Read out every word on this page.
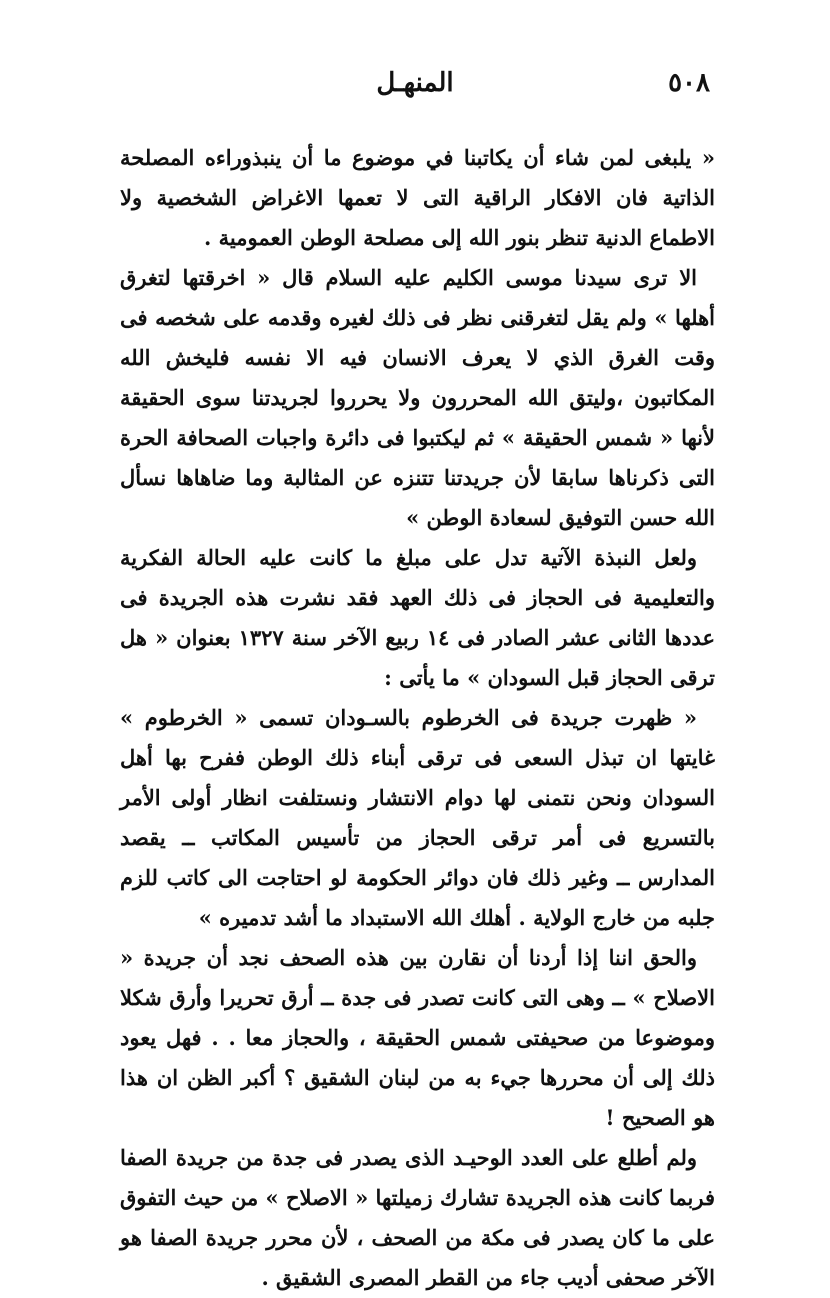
٥٠٨
المنهـل

« يلبغى لمن شاء أن يكاتبنا في موضوع ما أن ينبذوراءه المصلحة الذاتية فان الافكار الراقية التى لا تعمها الاغراض الشخصية ولا الاطماع الدنية تنظر بنور الله إلى مصلحة الوطن العمومية .

الا ترى سيدنا موسى الكليم عليه السلام قال « اخرقتها لتغرق أهلها » ولم يقل لتغرقنى نظر فى ذلك لغيره وقدمه على شخصه فى وقت الغرق الذي لا يعرف الانسان فيه الا نفسه فليخش الله المكاتبون ،وليتق الله المحررون ولا يحرروا لجريدتنا سوى الحقيقة لأنها « شمس الحقيقة » ثم ليكتبوا فى دائرة واجبات الصحافة الحرة التى ذكرناها سابقا لأن جريدتنا تتنزه عن المثالبة وما ضاهاها نسأل الله حسن التوفيق لسعادة الوطن »

ولعل النبذة الآتية تدل على مبلغ ما كانت عليه الحالة الفكرية والتعليمية فى الحجاز فى ذلك العهد فقد نشرت هذه الجريدة فى عددها الثانى عشر الصادر فى ١٤ ربيع الآخر سنة ١٣٢٧ بعنوان « هل ترقى الحجاز قبل السودان » ما يأتى :

« ظهرت جريدة فى الخرطوم بالسـودان تسمى « الخرطوم » غايتها ان تبذل السعى فى ترقى أبناء ذلك الوطن ففرح بها أهل السودان ونحن نتمنى لها دوام الانتشار ونستلفت انظار أولى الأمر بالتسريع فى أمر ترقى الحجاز من تأسيس المكاتب ــ يقصد المدارس ــ وغير ذلك فان دوائر الحكومة لو احتاجت الى كاتب للزم جلبه من خارج الولاية . أهلك الله الاستبداد ما أشد تدميره »

والحق اننا إذا أردنا أن نقارن بين هذه الصحف نجد أن جريدة « الاصلاح » ــ وهى التى كانت تصدر فى جدة ــ أرق تحريرا وأرق شكلا وموضوعا من صحيفتى شمس الحقيقة ، والحجاز معا . . فهل يعود ذلك إلى أن محررها جيء به من لبنان الشقيق ؟ أكبر الظن ان هذا هو الصحيح !

ولم أطلع على العدد الوحيـد الذى يصدر فى جدة من جريدة الصفا فربما كانت هذه الجريدة تشارك زميلتها « الاصلاح » من حيث التفوق على ما كان يصدر فى مكة من الصحف ، لأن محرر جريدة الصفا هو الآخر صحفى أديب جاء من القطر المصرى الشقيق .
